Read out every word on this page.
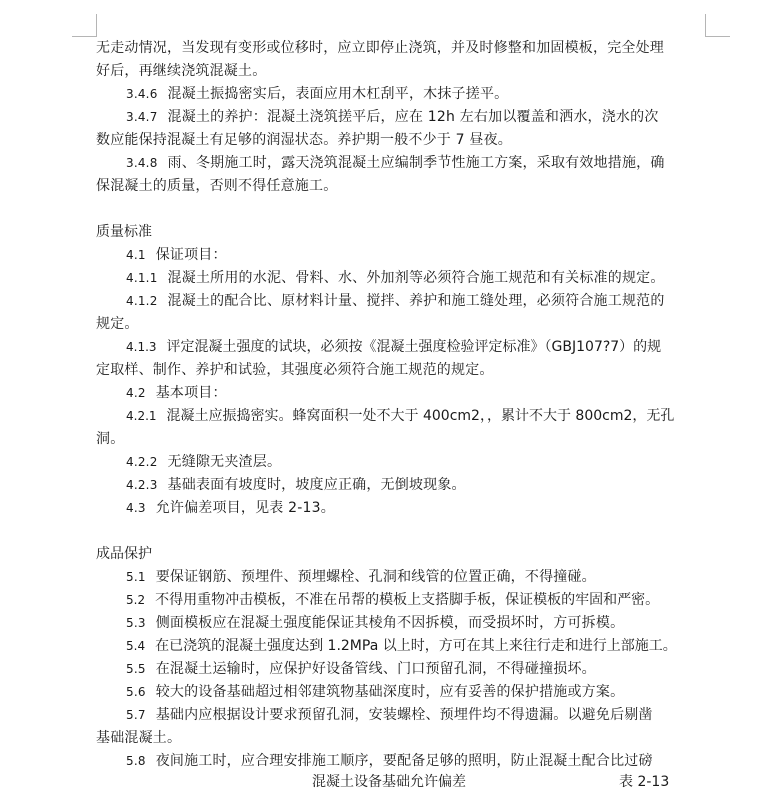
无走动情况，当发现有变形或位移时，应立即停止浇筑，并及时修整和加固模板，完全处理
好后，再继续浇筑混凝土。
3.4.6 混凝土振捣密实后，表面应用木杠刮平，木抹子搓平。
3.4.7 混凝土的养护：混凝土浇筑搓平后，应在 12h 左右加以覆盖和洒水，浇水的次
数应能保持混凝土有足够的润湿状态。养护期一般不少于 7 昼夜。
3.4.8 雨、冬期施工时，露天浇筑混凝土应编制季节性施工方案，采取有效地措施，确
保混凝土的质量，否则不得任意施工。
质量标准
4.1 保证项目：
4.1.1 混凝土所用的水泥、骨料、水、外加剂等必须符合施工规范和有关标准的规定。
4.1.2 混凝土的配合比、原材料计量、搅拌、养护和施工缝处理，必须符合施工规范的
规定。
4.1.3 评定混凝土强度的试块，必须按《混凝土强度检验评定标准》（GBJ107?7）的规
定取样、制作、养护和试验，其强度必须符合施工规范的规定。
4.2 基本项目：
4.2.1 混凝土应振捣密实。蜂窝面积一处不大于 400cm2，，累计不大于 800cm2，无孔
洞。
4.2.2 无缝隙无夹渣层。
4.2.3 基础表面有坡度时，坡度应正确，无倒坡现象。
4.3 允许偏差项目，见表 2-13。
成品保护
5.1 要保证钢筋、预埋件、预埋螺栓、孔洞和线管的位置正确，不得撞碰。
5.2 不得用重物冲击模板，不准在吊帮的模板上支搭脚手板，保证模板的牢固和严密。
5.3 侧面模板应在混凝土强度能保证其棱角不因拆模，而受损坏时，方可拆模。
5.4 在已浇筑的混凝土强度达到 1.2MPa 以上时，方可在其上来往行走和进行上部施工。
5.5 在混凝土运输时，应保护好设备管线、门口预留孔洞，不得碰撞损坏。
5.6 较大的设备基础超过相邻建筑物基础深度时，应有妥善的保护措施或方案。
5.7 基础内应根据设计要求预留孔洞，安装螺栓、预埋件均不得遗漏。以避免后剔凿
基础混凝土。
5.8 夜间施工时，应合理安排施工顺序，要配备足够的照明，防止混凝土配合比过磅
混凝土设备基础允许偏差	表 2-13
